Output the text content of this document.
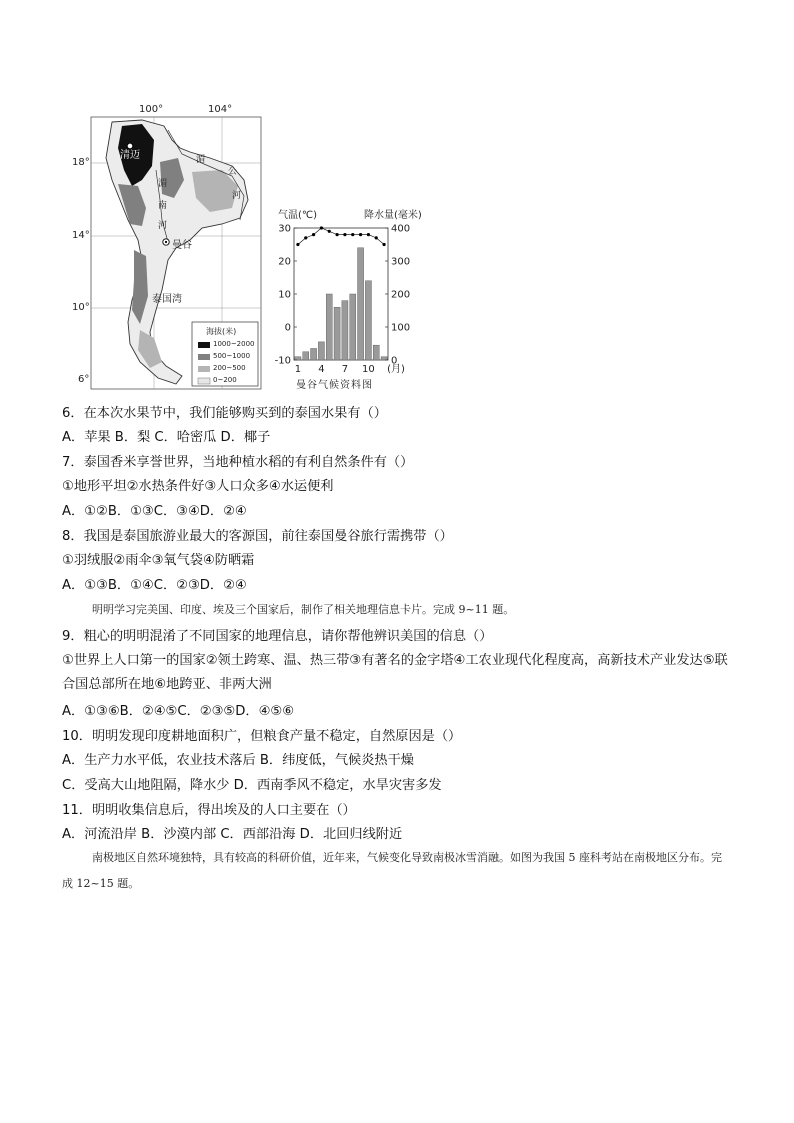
100°	104°
18°
14°
10°
6°
清迈	湄
公
河
湄
南
河
曼谷
泰国湾
海拔(米)
1000~2000
500~1000
200~500
0~200
气温(℃)	降水量(毫米)
30
20
10
0
-10
400
300
200
100
0
1 4 7 10 (月)
曼谷气候资料图
6．在本次水果节中，我们能够购买到的泰国水果有（）
A．苹果 B．梨 C．哈密瓜 D．椰子
7．泰国香米享誉世界，当地种植水稻的有利自然条件有（）
①地形平坦②水热条件好③人口众多④水运便利
A．①②B．①③C．③④D．②④
8．我国是泰国旅游业最大的客源国，前往泰国曼谷旅行需携带（）
①羽绒服②雨伞③氧气袋④防晒霜
A．①③B．①④C．②③D．②④
明明学习完美国、印度、埃及三个国家后，制作了相关地理信息卡片。完成 9~11 题。
9．粗心的明明混淆了不同国家的地理信息，请你帮他辨识美国的信息（）
①世界上人口第一的国家②领土跨寒、温、热三带③有著名的金字塔④工农业现代化程度高，高新技术产业发达⑤联合国总部所在地⑥地跨亚、非两大洲
A．①③⑥B．②④⑤C．②③⑤D．④⑤⑥
10．明明发现印度耕地面积广，但粮食产量不稳定，自然原因是（）
A．生产力水平低，农业技术落后 B．纬度低，气候炎热干燥
C．受高大山地阻隔，降水少 D．西南季风不稳定，水旱灾害多发
11．明明收集信息后，得出埃及的人口主要在（）
A．河流沿岸 B．沙漠内部 C．西部沿海 D．北回归线附近
南极地区自然环境独特，具有较高的科研价值，近年来，气候变化导致南极冰雪消融。如图为我国 5 座科考站在南极地区分布。完成 12~15 题。
